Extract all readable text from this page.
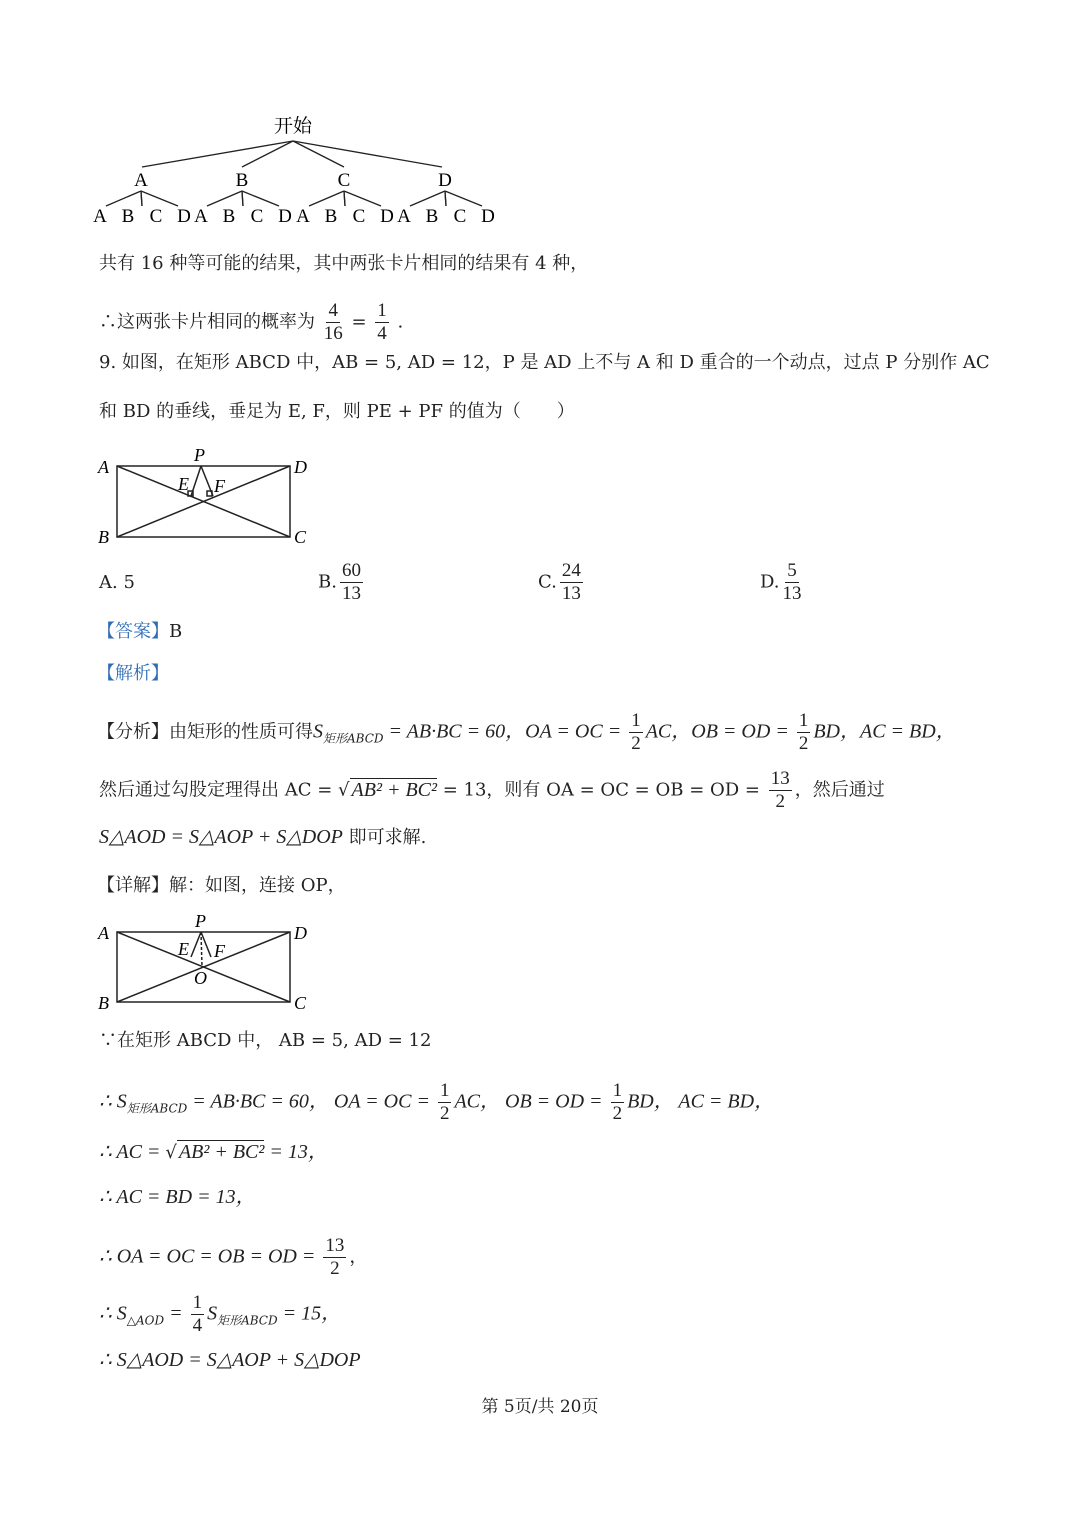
开始
A
A B C D
B
A B C D
C
A B C D
D
A B C D
共有 16 种等可能的结果，其中两张卡片相同的结果有 4 种，
∴这两张卡片相同的概率为 $\frac{4}{16} = \frac{1}{4}$ .
9. 如图，在矩形 ABCD 中，AB = 5, AD = 12，P 是 AD 上不与 A 和 D 重合的一个动点，过点 P 分别作 AC
和 BD 的垂线，垂足为 E, F，则 PE + PF 的值为（　　）
A	D
B	C
P
E F
A. 5	B. $\frac{60}{13}$	C. $\frac{24}{13}$	D. $\frac{5}{13}$
【答案】B
【解析】
【分析】由矩形的性质可得$S_{矩形ABCD} = AB\cdot BC = 60$，OA = OC = $\frac{1}{2}$ AC，OB = OD = $\frac{1}{2}$ BD，AC = BD，
然后通过勾股定理得出 AC = √ AB² + BC² = 13，则有 OA = OC = OB = OD = $\frac{13}{2}$ ，然后通过
S△AOD = S△AOP + S△DOP 即可求解.
【详解】解：如图，连接 OP，
A	D
B	C
P
E F
O
∵在矩形 ABCD 中， AB = 5, AD = 12
∴ $S_{矩形ABCD} = AB\cdot BC = 60$， OA = OC = $\frac{1}{2}$ AC， OB = OD = $\frac{1}{2}$ BD， AC = BD，
∴ AC = √ AB² + BC² = 13，
∴ AC = BD = 13，
∴ OA = OC = OB = OD = $\frac{13}{2}$ ，
∴ $S_{\triangle AOD} = \frac{1}{4} S_{矩形ABCD} = 15$，
∴ S△AOD = S△AOP + S△DOP
第 5页/共 20页
